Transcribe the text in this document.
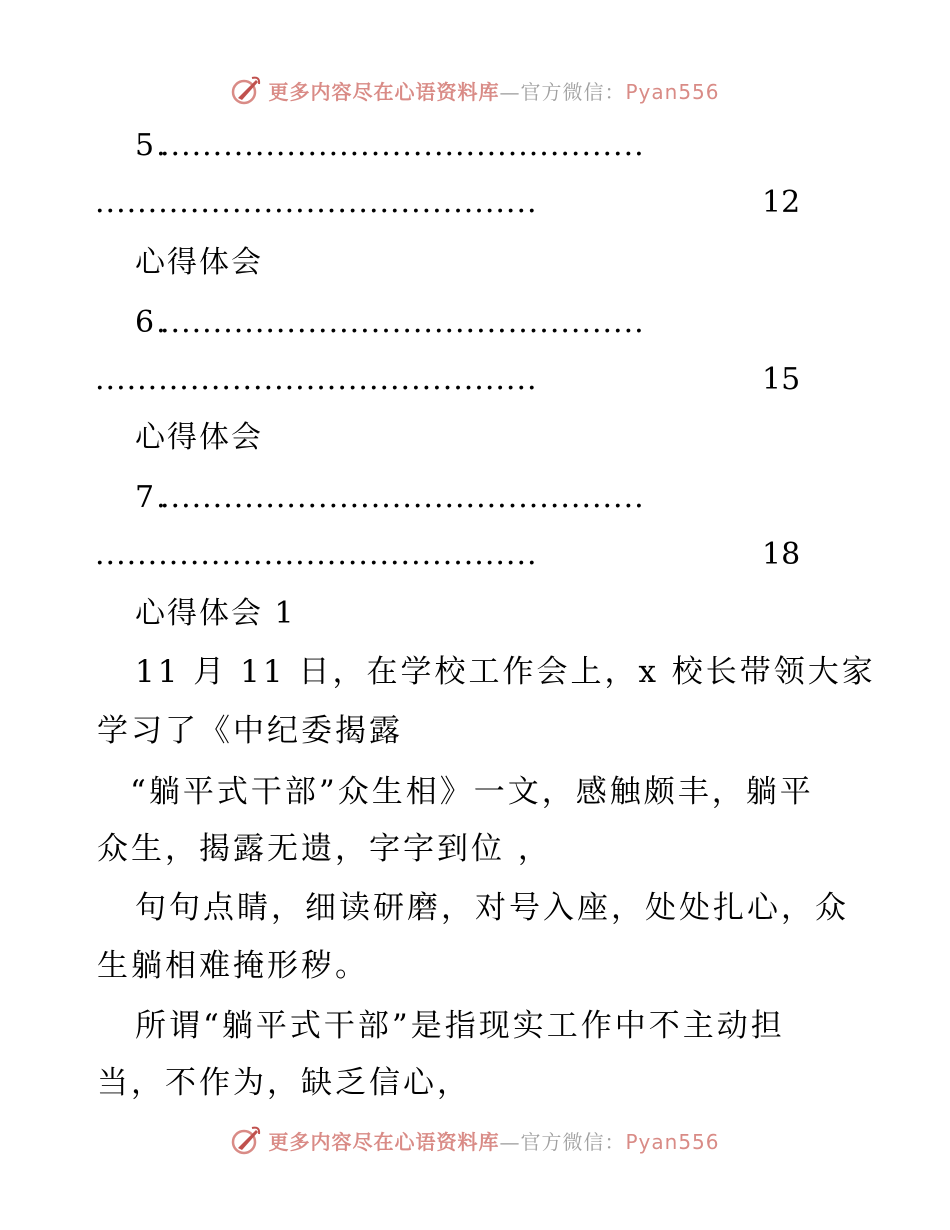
更多内容尽在心语资料库—官方微信：Pyan556
5.
..............................................
..........................................	12
心得体会
6.
..............................................
..........................................	15
心得体会
7.
..............................................
..........................................	18
心得体会 1
11 月 11 日，在学校工作会上，x 校长带领大家
学习了《中纪委揭露
“躺平式干部”众生相》一文，感触颇丰，躺平
众生，揭露无遗，字字到位 ，
句句点睛，细读研磨，对号入座，处处扎心，众
生躺相难掩形秽。
所谓“躺平式干部”是指现实工作中不主动担
当，不作为，缺乏信心，
更多内容尽在心语资料库—官方微信：Pyan556
